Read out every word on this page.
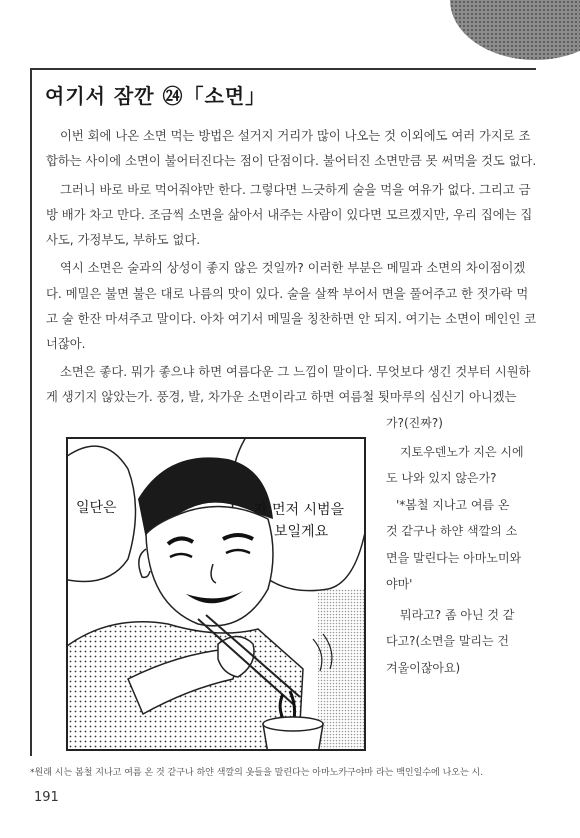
여기서 잠깐 ㉔「소면」
이번 회에 나온 소면 먹는 방법은 설거지 거리가 많이 나오는 것 이외에도 여러 가지로 조
합하는 사이에 소면이 불어터진다는 점이 단점이다. 불어터진 소면만큼 못 써먹을 것도 없다.
그러니 바로 바로 먹어줘야만 한다. 그렇다면 느긋하게 술을 먹을 여유가 없다. 그리고 금
방 배가 차고 만다. 조금씩 소면을 삶아서 내주는 사람이 있다면 모르겠지만, 우리 집에는 집
사도, 가정부도, 부하도 없다.
역시 소면은 술과의 상성이 좋지 않은 것일까? 이러한 부분은 메밀과 소면의 차이점이겠
다. 메밀은 불면 불은 대로 나름의 맛이 있다. 술을 살짝 부어서 면을 풀어주고 한 젓가락 먹
고 술 한잔 마셔주고 말이다. 아차 여기서 메밀을 칭찬하면 안 되지. 여기는 소면이 메인인 코
너잖아.
소면은 좋다. 뭐가 좋으냐 하면 여름다운 그 느낌이 말이다. 무엇보다 생긴 것부터 시원하
게 생기지 않았는가. 풍경, 발, 차가운 소면이라고 하면 여름철 툇마루의 심신기 아니겠는
일단은	자 먼저 시범을
보일게요
가?(진짜?)
지토우덴노가 지은 시에
도 나와 있지 않은가?
'*봄철 지나고 여름 온
것 같구나 하얀 색깔의 소
면을 말린다는 아마노미와
야마'
뭐라고? 좀 아닌 것 같
다고?(소면을 말리는 건
겨울이잖아요)
*원래 시는 봄철 지나고 여름 온 것 같구나 하얀 색깔의 옷들을 말린다는 아마노카구야마 라는 백인일수에 나오는 시.
191
